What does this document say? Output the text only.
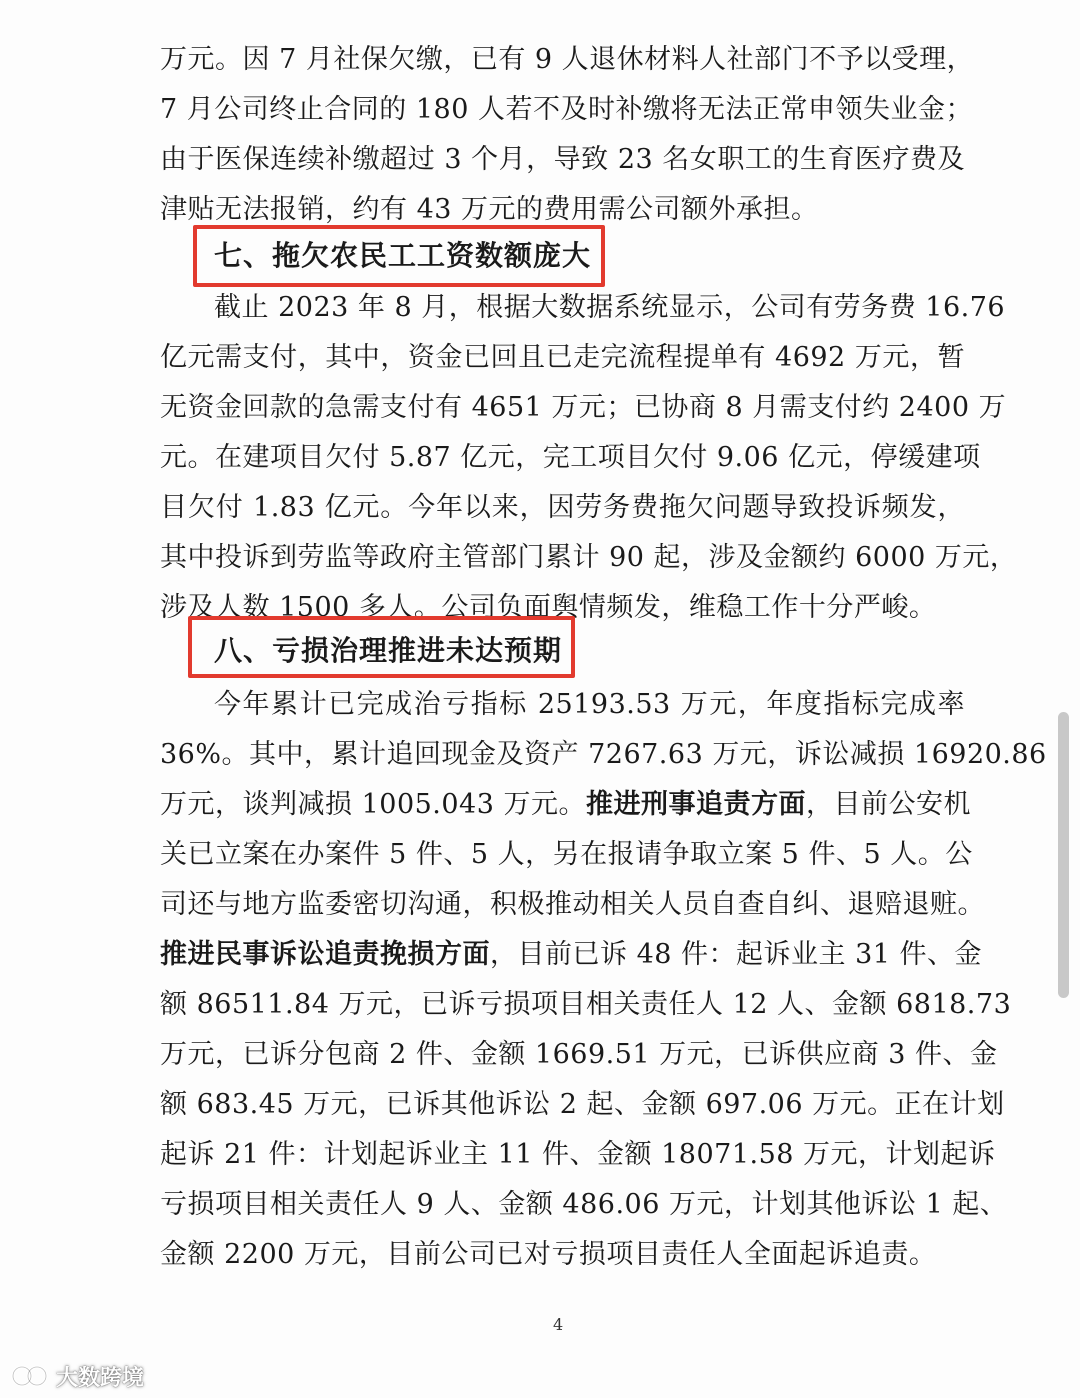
万元。因 7 月社保欠缴，已有 9 人退休材料人社部门不予以受理，
7 月公司终止合同的 180 人若不及时补缴将无法正常申领失业金；
由于医保连续补缴超过 3 个月，导致 23 名女职工的生育医疗费及
津贴无法报销，约有 43 万元的费用需公司额外承担。
七、拖欠农民工工资数额庞大
截止 2023 年 8 月，根据大数据系统显示，公司有劳务费 16.76
亿元需支付，其中，资金已回且已走完流程提单有 4692 万元，暂
无资金回款的急需支付有 4651 万元；已协商 8 月需支付约 2400 万
元。在建项目欠付 5.87 亿元，完工项目欠付 9.06 亿元，停缓建项
目欠付 1.83 亿元。今年以来，因劳务费拖欠问题导致投诉频发，
其中投诉到劳监等政府主管部门累计 90 起，涉及金额约 6000 万元，
涉及人数 1500 多人。公司负面舆情频发，维稳工作十分严峻。
八、亏损治理推进未达预期
今年累计已完成治亏指标 25193.53 万元，年度指标完成率
36%。其中，累计追回现金及资产 7267.63 万元，诉讼减损 16920.86
万元，谈判减损 1005.043 万元。推进刑事追责方面，目前公安机
关已立案在办案件 5 件、5 人，另在报请争取立案 5 件、5 人。公
司还与地方监委密切沟通，积极推动相关人员自查自纠、退赔退赃。
推进民事诉讼追责挽损方面，目前已诉 48 件：起诉业主 31 件、金
额 86511.84 万元，已诉亏损项目相关责任人 12 人、金额 6818.73
万元，已诉分包商 2 件、金额 1669.51 万元，已诉供应商 3 件、金
额 683.45 万元，已诉其他诉讼 2 起、金额 697.06 万元。正在计划
起诉 21 件：计划起诉业主 11 件、金额 18071.58 万元，计划起诉
亏损项目相关责任人 9 人、金额 486.06 万元，计划其他诉讼 1 起、
金额 2200 万元，目前公司已对亏损项目责任人全面起诉追责。
4
大数跨境
